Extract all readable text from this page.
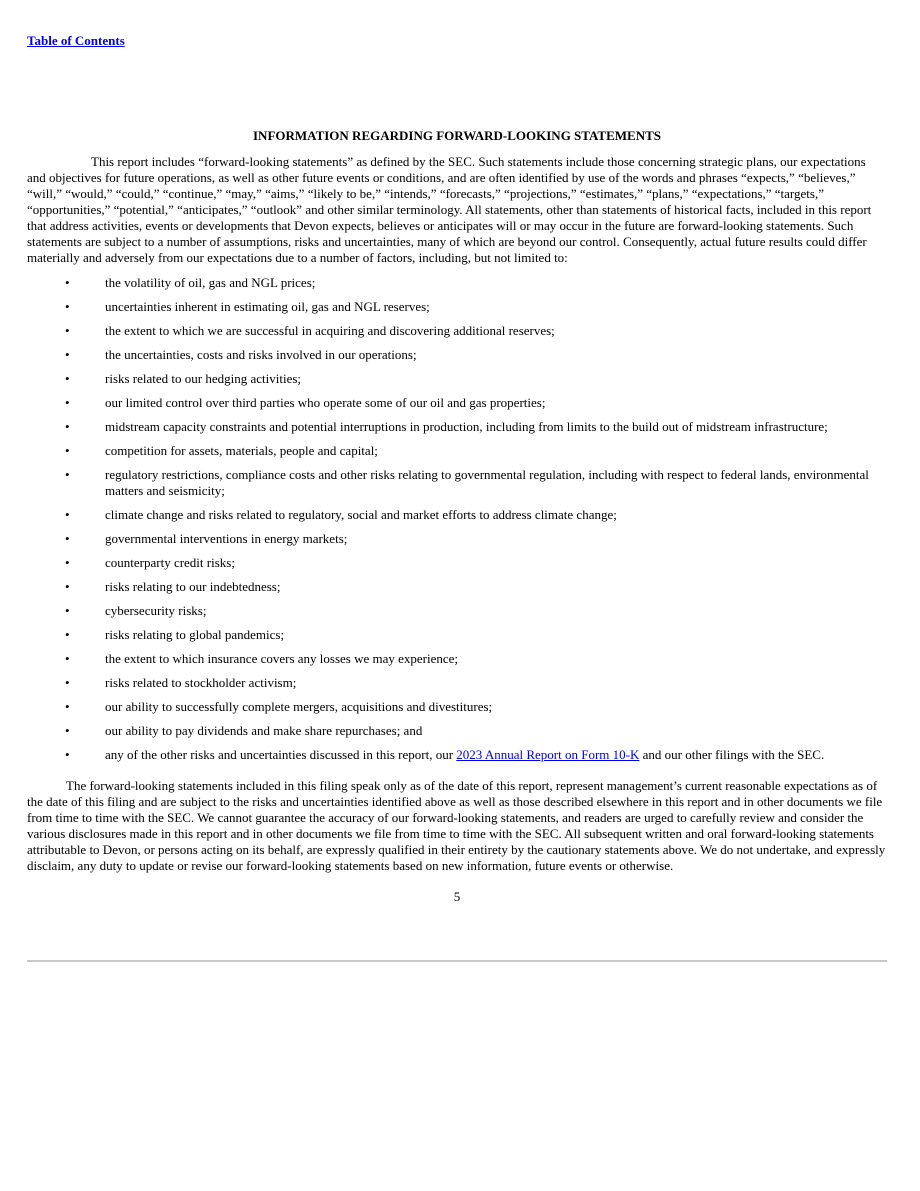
Table of Contents
INFORMATION REGARDING FORWARD-LOOKING STATEMENTS

This report includes “forward-looking statements” as defined by the SEC. Such statements include those concerning strategic plans, our expectations and objectives for future operations, as well as other future events or conditions, and are often identified by use of the words and phrases “expects,” “believes,” “will,” “would,” “could,” “continue,” “may,” “aims,” “likely to be,” “intends,” “forecasts,” “projections,” “estimates,” “plans,” “expectations,” “targets,” “opportunities,” “potential,” “anticipates,” “outlook” and other similar terminology. All statements, other than statements of historical facts, included in this report that address activities, events or developments that Devon expects, believes or anticipates will or may occur in the future are forward-looking statements. Such statements are subject to a number of assumptions, risks and uncertainties, many of which are beyond our control. Consequently, actual future results could differ materially and adversely from our expectations due to a number of factors, including, but not limited to:

•	the volatility of oil, gas and NGL prices;
•	uncertainties inherent in estimating oil, gas and NGL reserves;
•	the extent to which we are successful in acquiring and discovering additional reserves;
•	the uncertainties, costs and risks involved in our operations;
•	risks related to our hedging activities;
•	our limited control over third parties who operate some of our oil and gas properties;
•	midstream capacity constraints and potential interruptions in production, including from limits to the build out of midstream infrastructure;
•	competition for assets, materials, people and capital;
•	regulatory restrictions, compliance costs and other risks relating to governmental regulation, including with respect to federal lands, environmental matters and seismicity;
•	climate change and risks related to regulatory, social and market efforts to address climate change;
•	governmental interventions in energy markets;
•	counterparty credit risks;
•	risks relating to our indebtedness;
•	cybersecurity risks;
•	risks relating to global pandemics;
•	the extent to which insurance covers any losses we may experience;
•	risks related to stockholder activism;
•	our ability to successfully complete mergers, acquisitions and divestitures;
•	our ability to pay dividends and make share repurchases; and
•	any of the other risks and uncertainties discussed in this report, our 2023 Annual Report on Form 10-K and our other filings with the SEC.

The forward-looking statements included in this filing speak only as of the date of this report, represent management’s current reasonable expectations as of the date of this filing and are subject to the risks and uncertainties identified above as well as those described elsewhere in this report and in other documents we file from time to time with the SEC. We cannot guarantee the accuracy of our forward-looking statements, and readers are urged to carefully review and consider the various disclosures made in this report and in other documents we file from time to time with the SEC. All subsequent written and oral forward-looking statements attributable to Devon, or persons acting on its behalf, are expressly qualified in their entirety by the cautionary statements above. We do not undertake, and expressly disclaim, any duty to update or revise our forward-looking statements based on new information, future events or otherwise.

5
